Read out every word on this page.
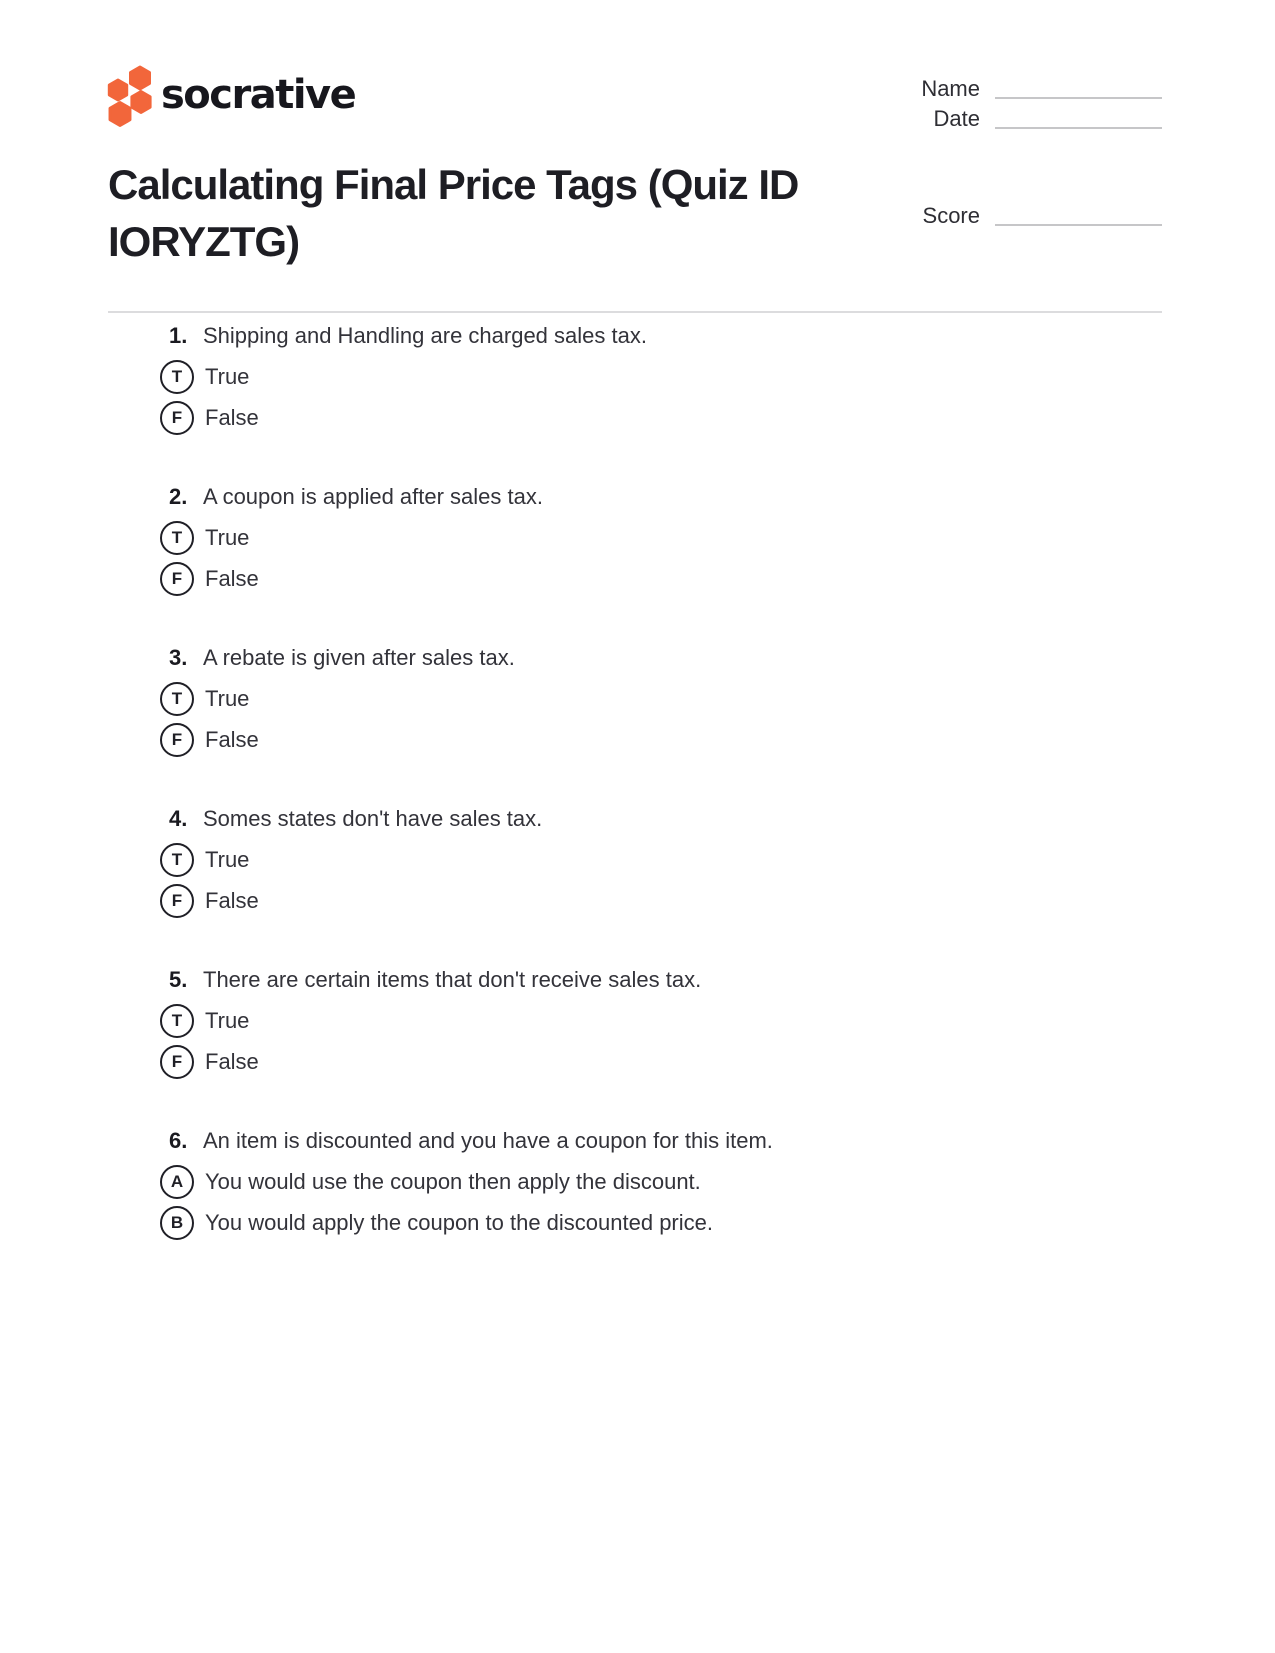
socrative	Name
Date
Score
Calculating Final Price Tags (Quiz ID IORYZTG)
1. Shipping and Handling are charged sales tax.
T	True
F	False
2. A coupon is applied after sales tax.
T	True
F	False
3. A rebate is given after sales tax.
T	True
F	False
4. Somes states don't have sales tax.
T	True
F	False
5. There are certain items that don't receive sales tax.
T	True
F	False
6. An item is discounted and you have a coupon for this item.
A You would use the coupon then apply the discount.
B You would apply the coupon to the discounted price.
